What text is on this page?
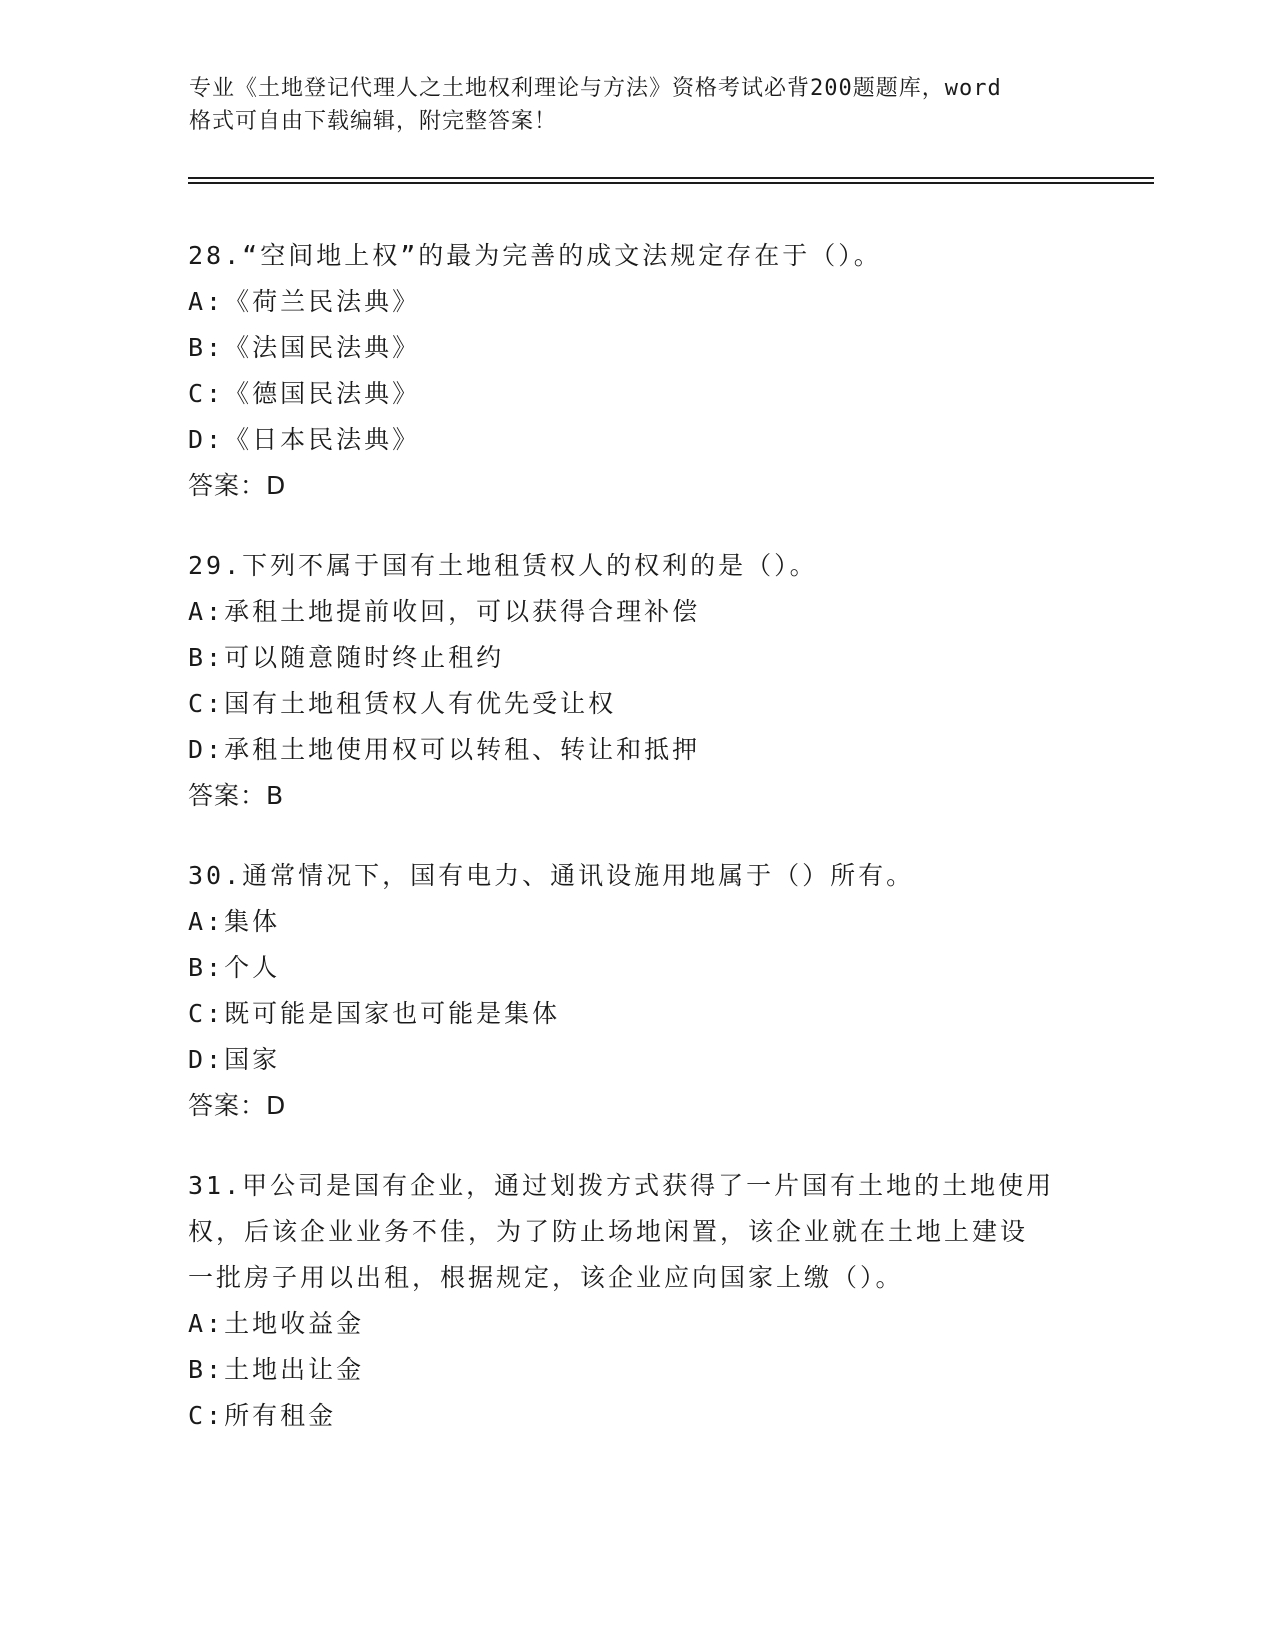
专业《土地登记代理人之土地权利理论与方法》资格考试必背200题题库，word
格式可自由下载编辑，附完整答案！
28.“空间地上权”的最为完善的成文法规定存在于（）。
A:《荷兰民法典》
B:《法国民法典》
C:《德国民法典》
D:《日本民法典》
答案：D
29.下列不属于国有土地租赁权人的权利的是（）。
A:承租土地提前收回，可以获得合理补偿
B:可以随意随时终止租约
C:国有土地租赁权人有优先受让权
D:承租土地使用权可以转租、转让和抵押
答案：B
30.通常情况下，国有电力、通讯设施用地属于（）所有。
A:集体
B:个人
C:既可能是国家也可能是集体
D:国家
答案：D
31.甲公司是国有企业，通过划拨方式获得了一片国有土地的土地使用
权，后该企业业务不佳，为了防止场地闲置，该企业就在土地上建设
一批房子用以出租，根据规定，该企业应向国家上缴（）。
A:土地收益金
B:土地出让金
C:所有租金
